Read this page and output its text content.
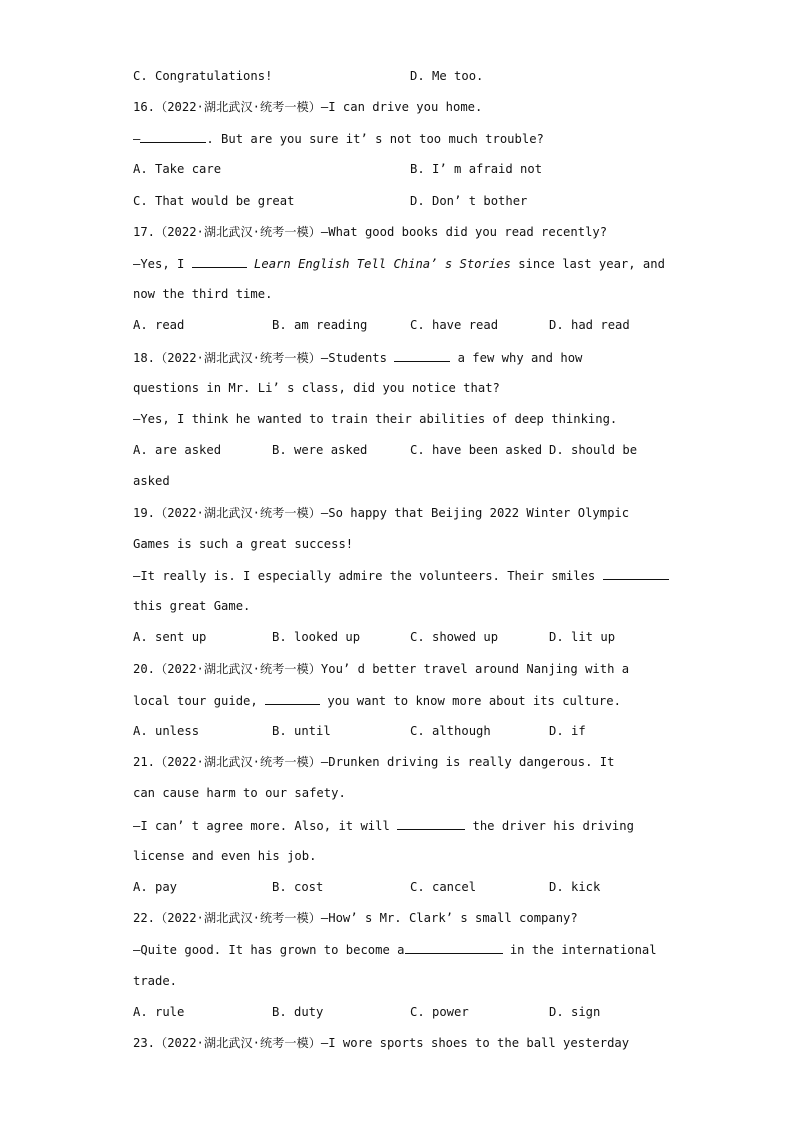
C. Congratulations!	D. Me too.
16.（2022·湖北武汉·统考一模）—I can drive you home.
—	. But are you sure it’ s not too much trouble?
A. Take care	B. I’ m afraid not
C. That would be great	D. Don’ t bother
17.（2022·湖北武汉·统考一模）—What good books did you read recently?
—Yes, I	Learn English Tell China’ s Stories since last year, and
now the third time.
A. read	B. am reading	C. have read	D. had read
18.（2022·湖北武汉·统考一模）—Students	a few why and how
questions in Mr. Li’ s class, did you notice that?
—Yes, I think he wanted to train their abilities of deep thinking.
A. are asked	B. were asked	C. have been asked D. should be
asked
19.（2022·湖北武汉·统考一模）—So happy that Beijing 2022 Winter Olympic
Games is such a great success!
—It really is. I especially admire the volunteers. Their smiles
this great Game.
A. sent up	B. looked up	C. showed up	D. lit up
20.（2022·湖北武汉·统考一模）You’ d better travel around Nanjing with a
local tour guide,	you want to know more about its culture.
A. unless	B. until	C. although	D. if
21.（2022·湖北武汉·统考一模）—Drunken driving is really dangerous. It
can cause harm to our safety.
—I can’ t agree more. Also, it will	the driver his driving
license and even his job.
A. pay	B. cost	C. cancel	D. kick
22.（2022·湖北武汉·统考一模）—How’ s Mr. Clark’ s small company?
—Quite good. It has grown to become a	in the international
trade.
A. rule	B. duty	C. power	D. sign
23.（2022·湖北武汉·统考一模）—I wore sports shoes to the ball yesterday
